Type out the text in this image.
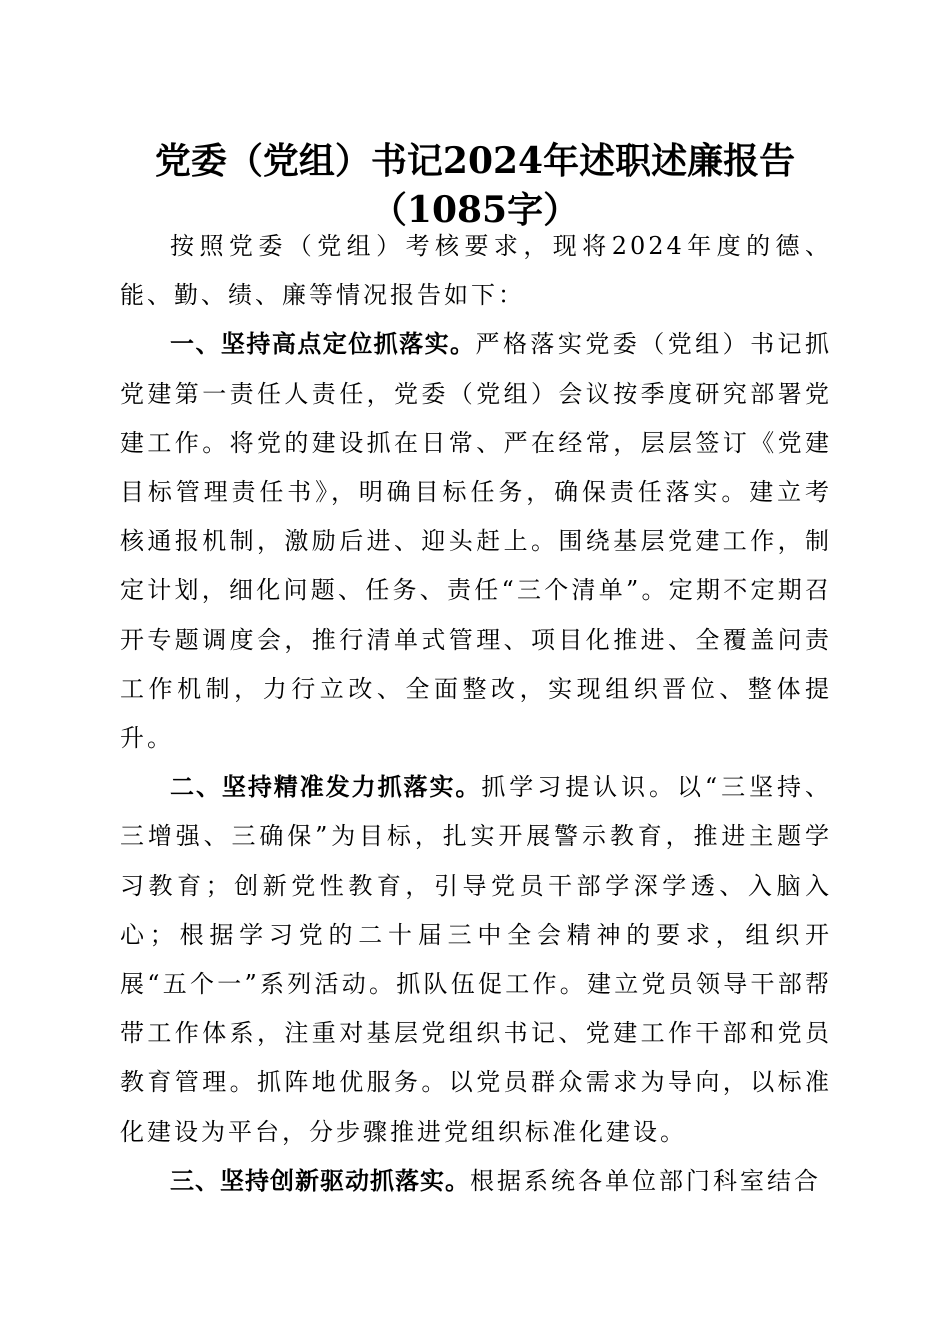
党委（党组）书记2024年述职述廉报告
（1085字）

按照党委（党组）考核要求，现将2024年度的德、能、勤、绩、廉等情况报告如下：

一、坚持高点定位抓落实。严格落实党委（党组）书记抓党建第一责任人责任，党委（党组）会议按季度研究部署党建工作。将党的建设抓在日常、严在经常，层层签订《党建目标管理责任书》，明确目标任务，确保责任落实。建立考核通报机制，激励后进、迎头赶上。围绕基层党建工作，制定计划，细化问题、任务、责任“三个清单”。定期不定期召开专题调度会，推行清单式管理、项目化推进、全覆盖问责工作机制，力行立改、全面整改，实现组织晋位、整体提升。

二、坚持精准发力抓落实。抓学习提认识。以“三坚持、三增强、三确保”为目标，扎实开展警示教育，推进主题学习教育；创新党性教育，引导党员干部学深学透、入脑入心；根据学习党的二十届三中全会精神的要求，组织开展“五个一”系列活动。抓队伍促工作。建立党员领导干部帮带工作体系，注重对基层党组织书记、党建工作干部和党员教育管理。抓阵地优服务。以党员群众需求为导向，以标准化建设为平台，分步骤推进党组织标准化建设。

三、坚持创新驱动抓落实。根据系统各单位部门科室结合
